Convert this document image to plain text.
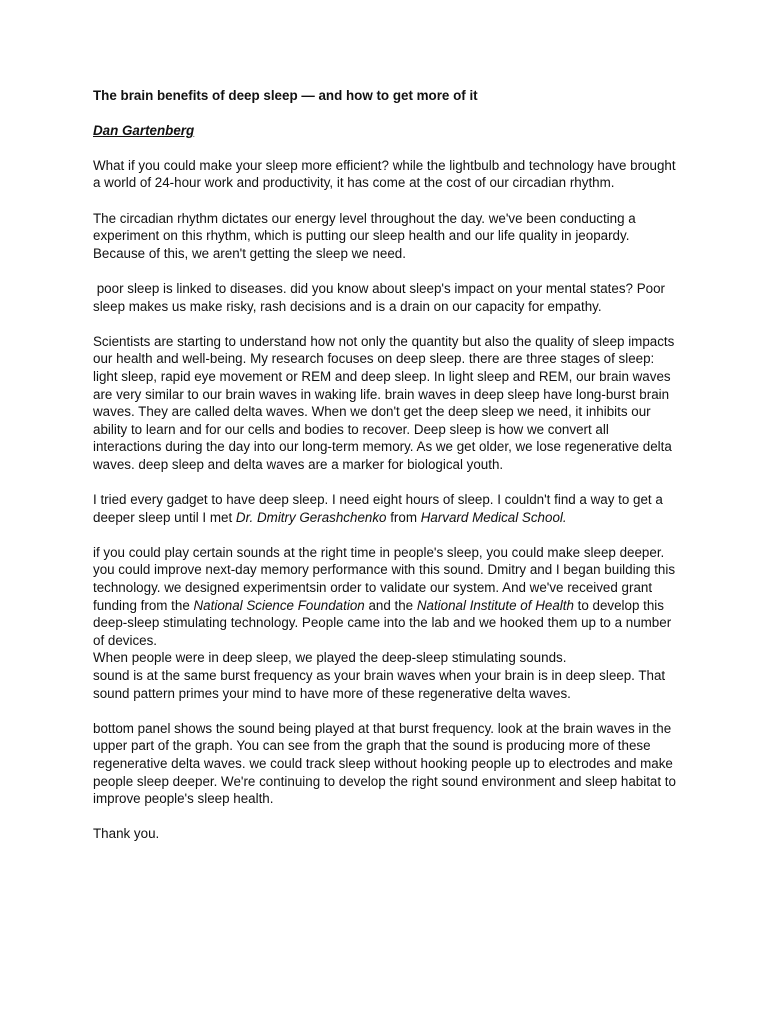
The brain benefits of deep sleep — and how to get more of it
Dan Gartenberg
What if you could make your sleep more efficient? while the lightbulb and technology have brought a world of 24-hour work and productivity, it has come at the cost of our circadian rhythm.
The circadian rhythm dictates our energy level throughout the day. we've been conducting a experiment on this rhythm, which is putting our sleep health and our life quality in jeopardy. Because of this, we aren't getting the sleep we need.
poor sleep is linked to diseases. did you know about sleep's impact on your mental states? Poor sleep makes us make risky, rash decisions and is a drain on our capacity for empathy.
Scientists are starting to understand how not only the quantity but also the quality of sleep impacts our health and well-being. My research focuses on deep sleep. there are three stages of sleep: light sleep, rapid eye movement or REM and deep sleep. In light sleep and REM, our brain waves are very similar to our brain waves in waking life. brain waves in deep sleep have long-burst brain waves. They are called delta waves. When we don't get the deep sleep we need, it inhibits our ability to learn and for our cells and bodies to recover. Deep sleep is how we convert all interactions during the day into our long-term memory. As we get older, we lose regenerative delta waves. deep sleep and delta waves are a marker for biological youth.
I tried every gadget to have deep sleep. I need eight hours of sleep. I couldn't find a way to get a deeper sleep until I met Dr. Dmitry Gerashchenko from Harvard Medical School.
if you could play certain sounds at the right time in people's sleep, you could make sleep deeper. you could improve next-day memory performance with this sound. Dmitry and I began building this technology. we designed experimentsin order to validate our system. And we've received grant funding from the National Science Foundation and the National Institute of Health to develop this deep-sleep stimulating technology. People came into the lab and we hooked them up to a number of devices.
When people were in deep sleep, we played the deep-sleep stimulating sounds.
sound is at the same burst frequency as your brain waves when your brain is in deep sleep. That sound pattern primes your mind to have more of these regenerative delta waves.
bottom panel shows the sound being played at that burst frequency. look at the brain waves in the upper part of the graph. You can see from the graph that the sound is producing more of these regenerative delta waves. we could track sleep without hooking people up to electrodes and make people sleep deeper. We're continuing to develop the right sound environment and sleep habitat to improve people's sleep health.
Thank you.
